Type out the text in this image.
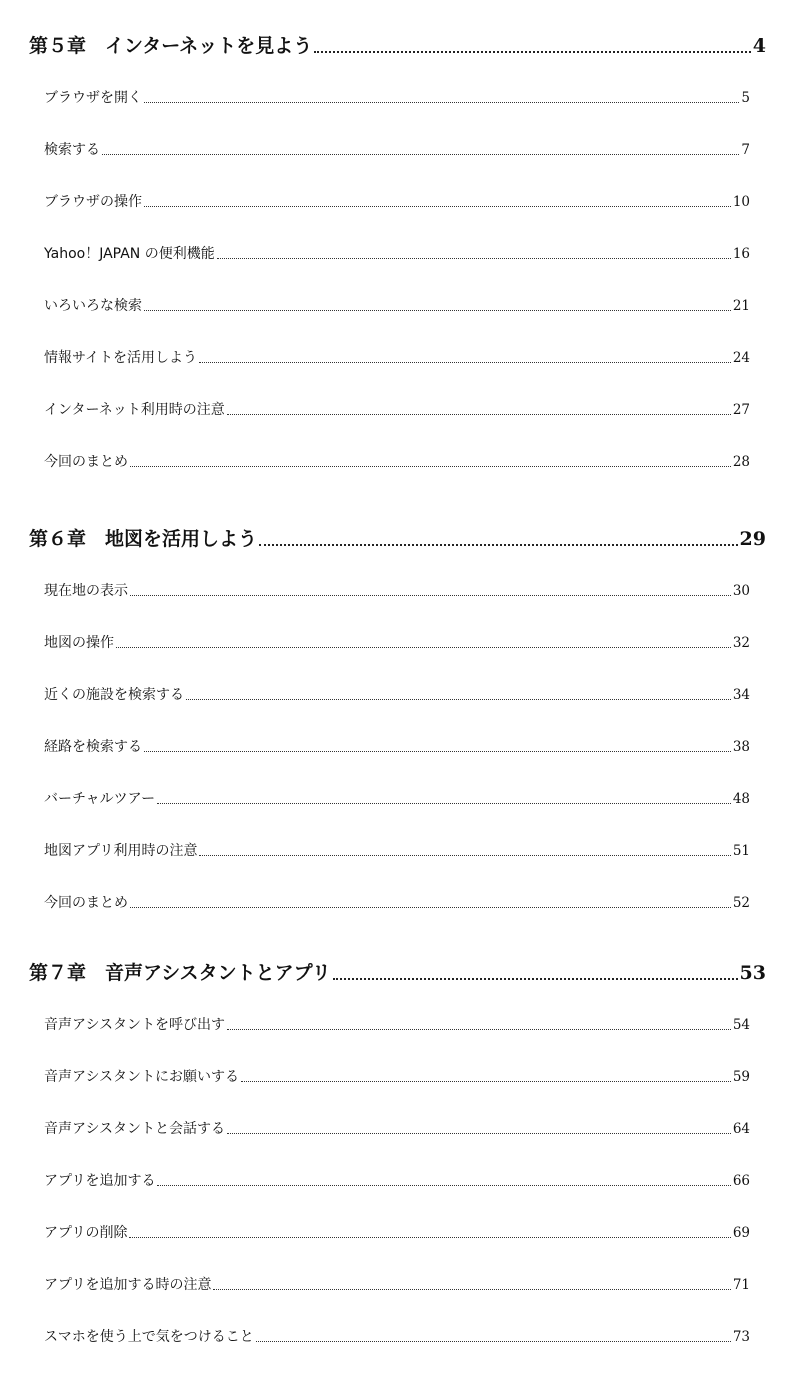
第５章　インターネットを見よう	4
ブラウザを開く	5
検索する	7
ブラウザの操作	10
Yahoo！JAPAN の便利機能	16
いろいろな検索	21
情報サイトを活用しよう	24
インターネット利用時の注意	27
今回のまとめ	28
第６章　地図を活用しよう	29
現在地の表示	30
地図の操作	32
近くの施設を検索する	34
経路を検索する	38
バーチャルツアー	48
地図アプリ利用時の注意	51
今回のまとめ	52
第７章　音声アシスタントとアプリ	53
音声アシスタントを呼び出す	54
音声アシスタントにお願いする	59
音声アシスタントと会話する	64
アプリを追加する	66
アプリの削除	69
アプリを追加する時の注意	71
スマホを使う上で気をつけること	73
